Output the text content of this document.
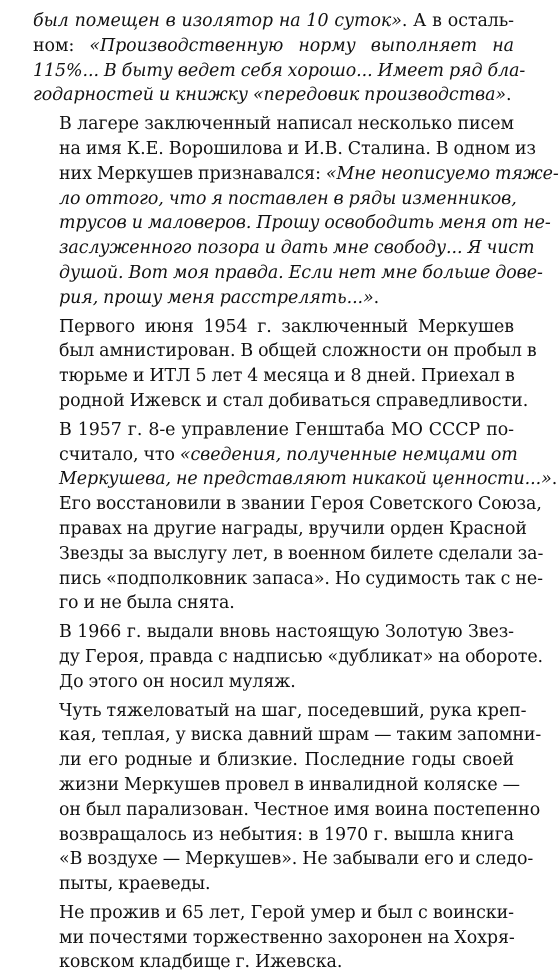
был помещен в изолятор на 10 суток». А в осталь-
ном: «Производственную норму выполняет на
115%... В быту ведет себя хорошо... Имеет ряд бла-
годарностей и книжку «передовик производства».
В лагере заключенный написал несколько писем
на имя К.Е. Ворошилова и И.В. Сталина. В одном из
них Меркушев признавался: «Мне неописуемо тяже-
ло оттого, что я поставлен в ряды изменников,
трусов и маловеров. Прошу освободить меня от не-
заслуженного позора и дать мне свободу... Я чист
душой. Вот моя правда. Если нет мне больше дове-
рия, прошу меня расстрелять...».
Первого июня 1954 г. заключенный Меркушев
был амнистирован. В общей сложности он пробыл в
тюрьме и ИТЛ 5 лет 4 месяца и 8 дней. Приехал в
родной Ижевск и стал добиваться справедливости.
В 1957 г. 8-е управление Генштаба МО СССР по-
считало, что «сведения, полученные немцами от
Меркушева, не представляют никакой ценности...».
Его восстановили в звании Героя Советского Союза,
правах на другие награды, вручили орден Красной
Звезды за выслугу лет, в военном билете сделали за-
пись «подполковник запаса». Но судимость так с не-
го и не была снята.
В 1966 г. выдали вновь настоящую Золотую Звез-
ду Героя, правда с надписью «дубликат» на обороте.
До этого он носил муляж.
Чуть тяжеловатый на шаг, поседевший, рука креп-
кая, теплая, у виска давний шрам — таким запомни-
ли его родные и близкие. Последние годы своей
жизни Меркушев провел в инвалидной коляске —
он был парализован. Честное имя воина постепенно
возвращалось из небытия: в 1970 г. вышла книга
«В воздухе — Меркушев». Не забывали его и следо-
пыты, краеведы.
Не прожив и 65 лет, Герой умер и был с воински-
ми почестями торжественно захоронен на Хохря-
ковском кладбище г. Ижевска.
